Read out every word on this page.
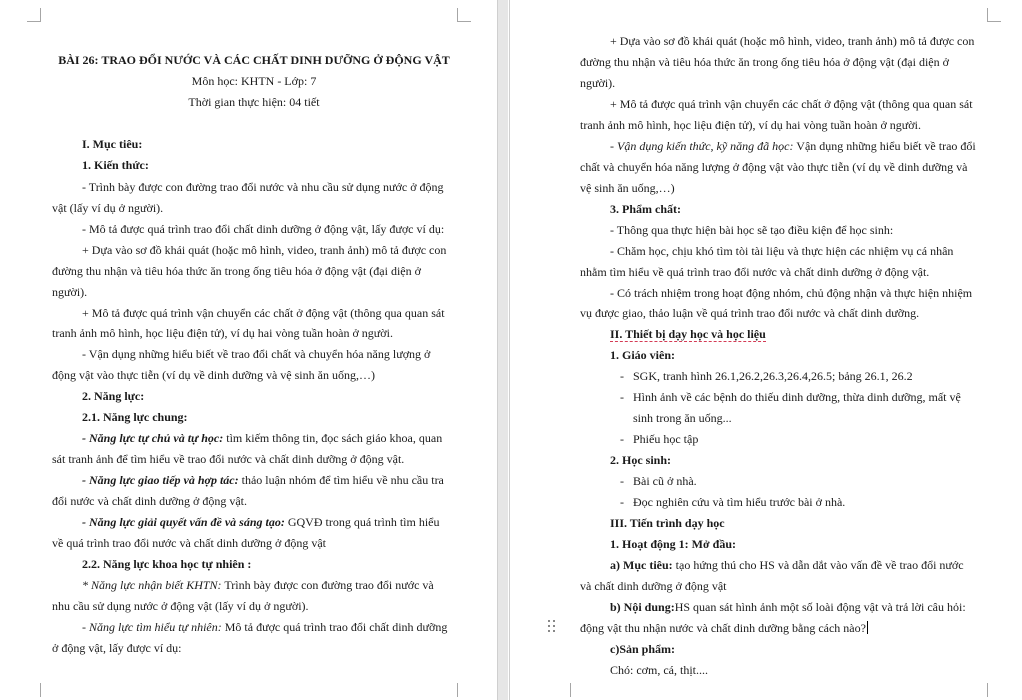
BÀI 26: TRAO ĐỔI NƯỚC VÀ CÁC CHẤT DINH DƯỠNG Ở ĐỘNG VẬT
Môn học: KHTN - Lớp: 7
Thời gian thực hiện: 04 tiết
I. Mục tiêu:
1. Kiến thức:
- Trình bày được con đường trao đổi nước và nhu cầu sử dụng nước ở động
vật (lấy ví dụ ở người).
- Mô tả được quá trình trao đổi chất dinh dưỡng ở động vật, lấy được ví dụ:
+ Dựa vào sơ đồ khái quát (hoặc mô hình, video, tranh ảnh) mô tả được con
đường thu nhận và tiêu hóa thức ăn trong ống tiêu hóa ở động vật (đại diện ở
người).
+ Mô tả được quá trình vận chuyển các chất ở động vật (thông qua quan sát
tranh ảnh mô hình, học liệu điện tử), ví dụ hai vòng tuần hoàn ở người.
- Vận dụng những hiểu biết về trao đổi chất và chuyển hóa năng lượng ở
động vật vào thực tiễn (ví dụ về dinh dưỡng và vệ sinh ăn uống,…)
2. Năng lực:
2.1. Năng lực chung:
- Năng lực tự chủ và tự học: tìm kiếm thông tin, đọc sách giáo khoa, quan
sát tranh ảnh để tìm hiểu về trao đổi nước và chất dinh dưỡng ở động vật.
- Năng lực giao tiếp và hợp tác: thảo luận nhóm để tìm hiểu về nhu cầu tra
đổi nước và chất dinh dưỡng ở động vật.
- Năng lực giải quyết vấn đề và sáng tạo: GQVĐ trong quá trình tìm hiểu
về quá trình trao đổi nước và chất dinh dưỡng ở động vật
2.2. Năng lực khoa học tự nhiên :
* Năng lực nhận biết KHTN: Trình bày được con đường trao đổi nước và
nhu cầu sử dụng nước ở động vật (lấy ví dụ ở người).
- Năng lực tìm hiểu tự nhiên: Mô tả được quá trình trao đổi chất dinh dưỡng
ở động vật, lấy được ví dụ:
+ Dựa vào sơ đồ khái quát (hoặc mô hình, video, tranh ảnh) mô tả được con
đường thu nhận và tiêu hóa thức ăn trong ống tiêu hóa ở động vật (đại diện ở
người).
+ Mô tả được quá trình vận chuyển các chất ở động vật (thông qua quan sát
tranh ảnh mô hình, học liệu điện tử), ví dụ hai vòng tuần hoàn ở người.
- Vận dụng kiến thức, kỹ năng đã học: Vận dụng những hiểu biết về trao đổi
chất và chuyển hóa năng lượng ở động vật vào thực tiễn (ví dụ về dinh dưỡng và
vệ sinh ăn uống,…)
3. Phẩm chất:
- Thông qua thực hiện bài học sẽ tạo điều kiện để học sinh:
- Chăm học, chịu khó tìm tòi tài liệu và thực hiện các nhiệm vụ cá nhân
nhằm tìm hiểu về quá trình trao đổi nước và chất dinh dưỡng ở động vật.
- Có trách nhiệm trong hoạt động nhóm, chủ động nhận và thực hiện nhiệm
vụ được giao, thảo luận về quá trình trao đổi nước và chất dinh dưỡng.
II. Thiết bị dạy học và học liệu
1. Giáo viên:
- SGK, tranh hình 26.1,26.2,26.3,26.4,26.5; bảng 26.1, 26.2
- Hình ảnh về các bệnh do thiếu dinh dưỡng, thừa dinh dưỡng, mất vệ
sinh trong ăn uống...
- Phiếu học tập
2. Học sinh:
- Bài cũ ở nhà.
- Đọc nghiên cứu và tìm hiểu trước bài ở nhà.
III. Tiến trình dạy học
1. Hoạt động 1: Mở đầu:
a) Mục tiêu: tạo hứng thú cho HS và dẫn dắt vào vấn đề về trao đổi nước
và chất dinh dưỡng ở động vật
b) Nội dung:HS quan sát hình ảnh một số loài động vật và trả lời câu hỏi:
động vật thu nhận nước và chất dinh dưỡng bằng cách nào?
c)Sản phẩm:
Chó: cơm, cá, thịt....
